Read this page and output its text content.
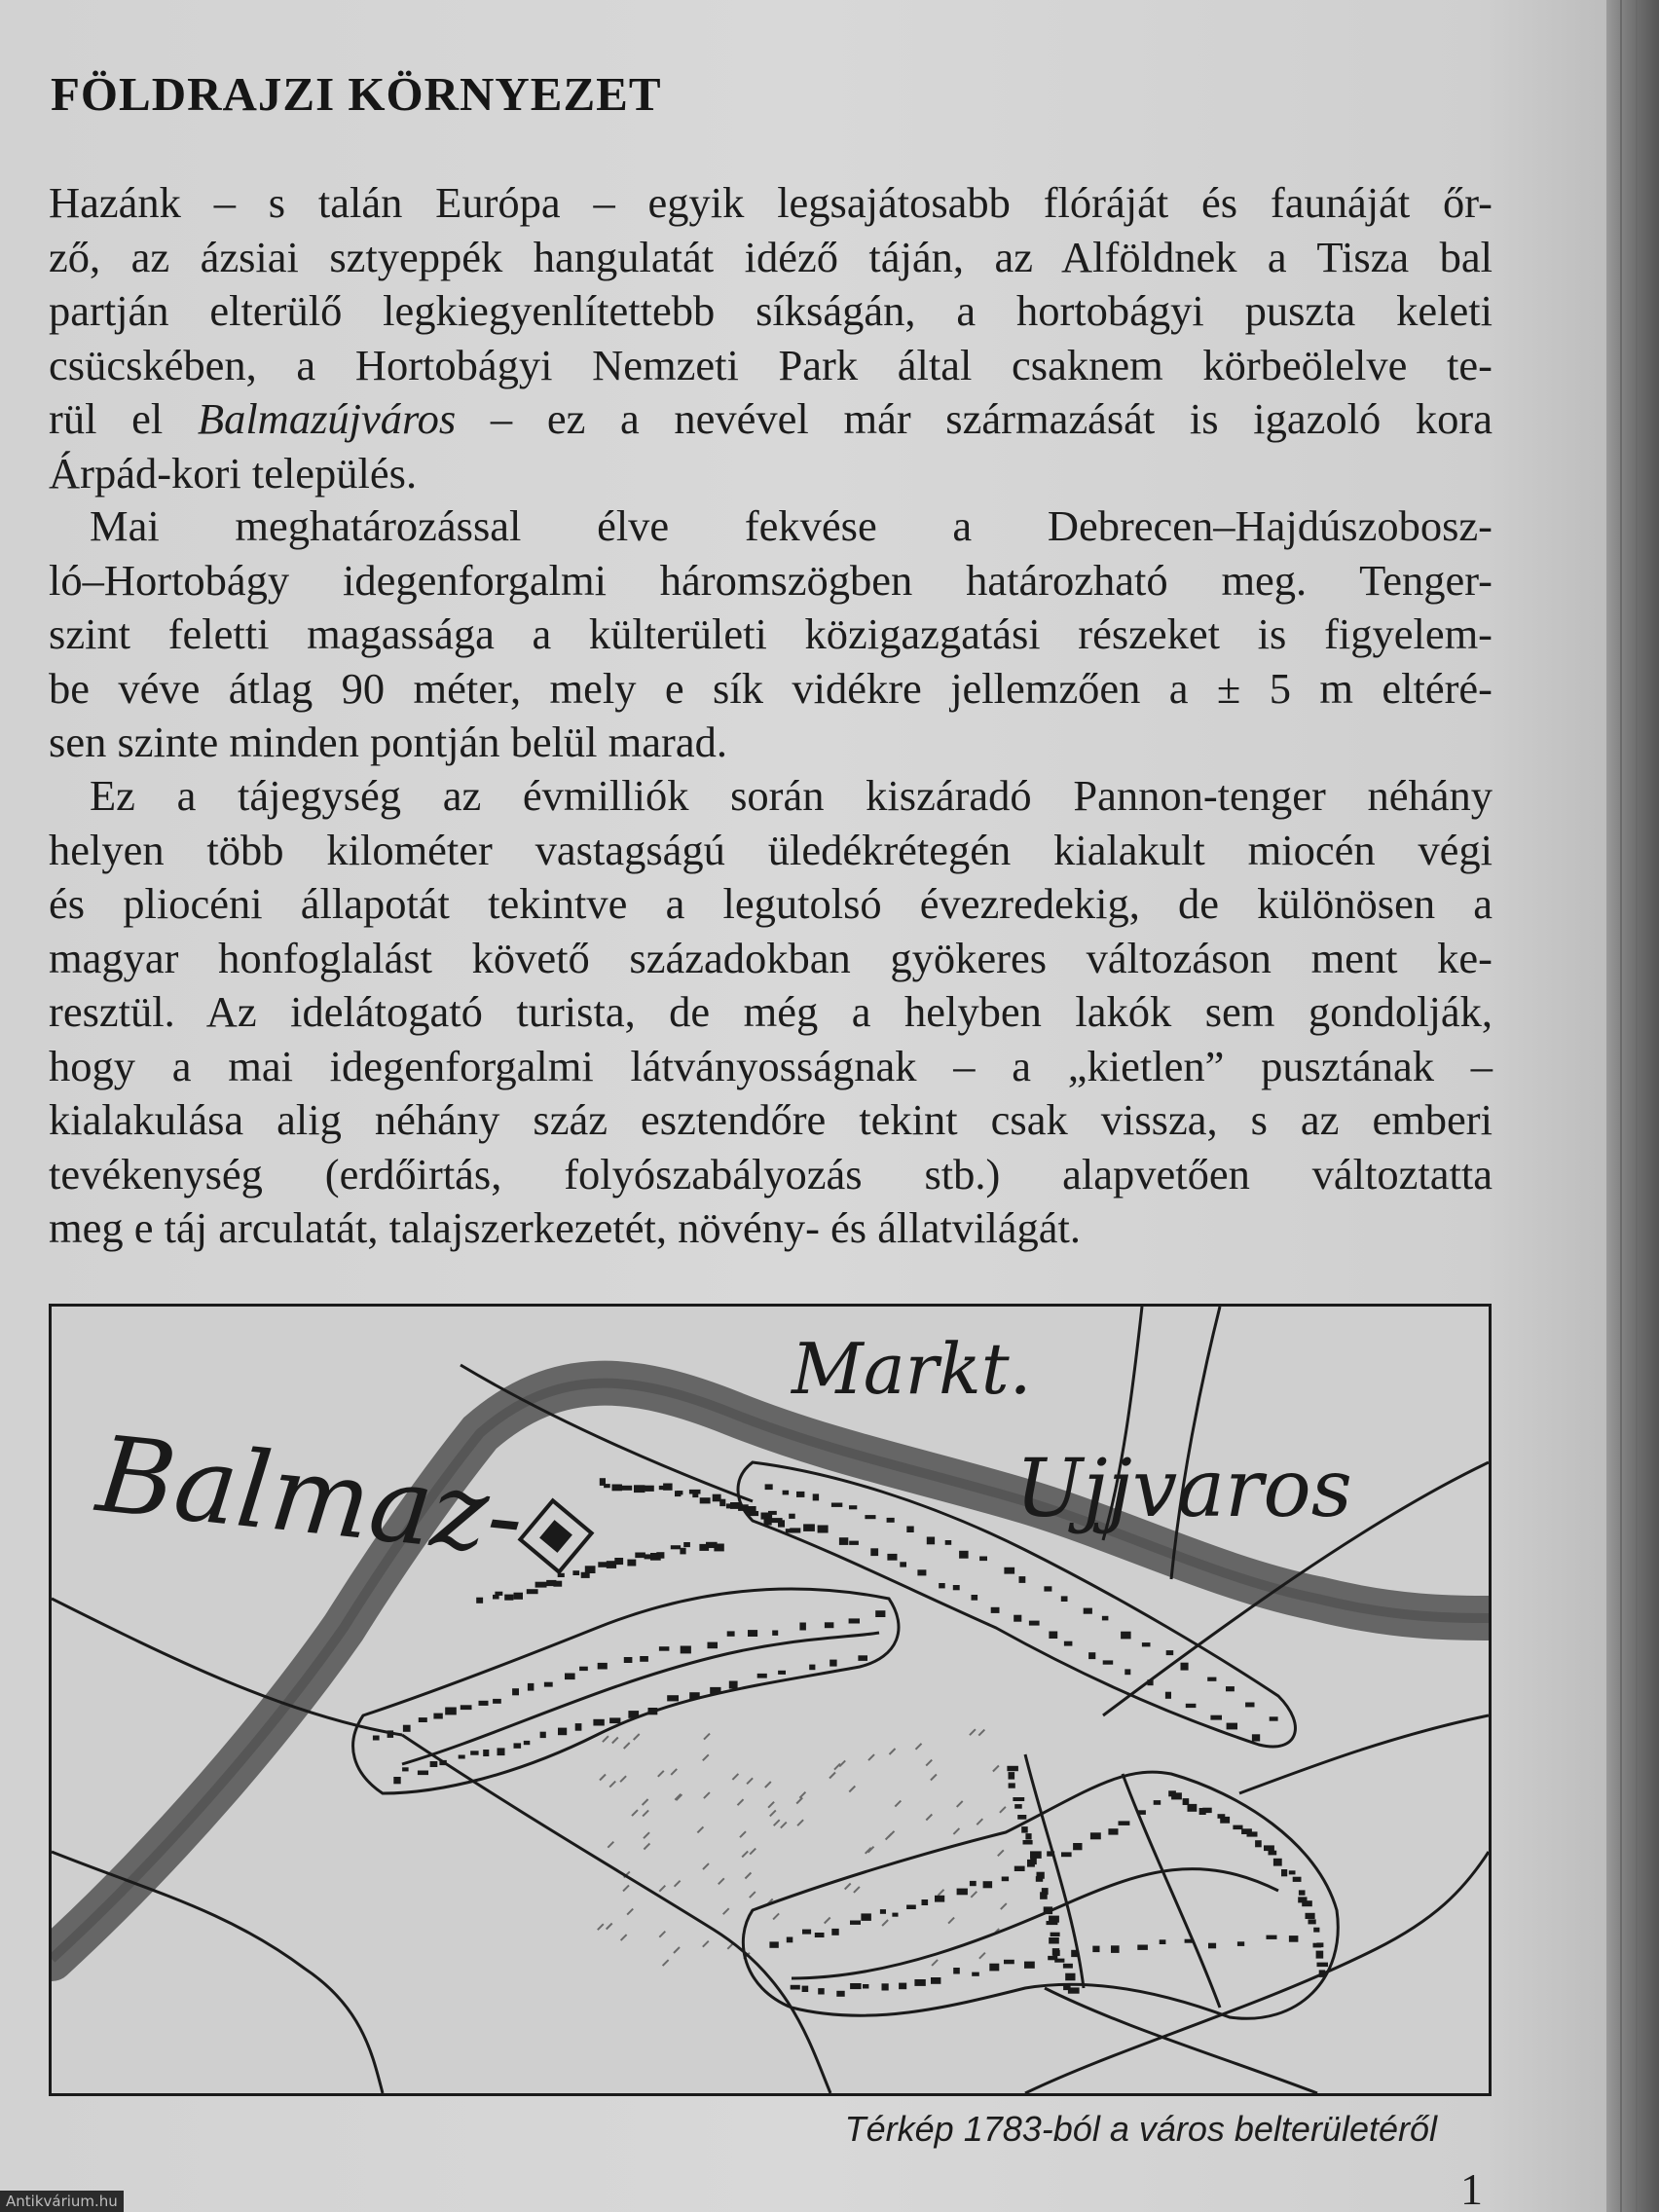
FÖLDRAJZI KÖRNYEZET
Hazánk – s talán Európa – egyik legsajátosabb flóráját és faunáját őr-
ző, az ázsiai sztyeppék hangulatát idéző táján, az Alföldnek a Tisza bal
partján elterülő legkiegyenlítettebb síkságán, a hortobágyi puszta keleti
csücskében, a Hortobágyi Nemzeti Park által csaknem körbeölelve te-
rül el Balmazújváros – ez a nevével már származását is igazoló kora
Árpád-kori település.
Mai meghatározással élve fekvése a Debrecen–Hajdúszobosz-
ló–Hortobágy idegenforgalmi háromszögben határozható meg. Tenger-
szint feletti magassága a külterületi közigazgatási részeket is figyelem-
be véve átlag 90 méter, mely e sík vidékre jellemzően a ± 5 m eltéré-
sen szinte minden pontján belül marad.
Ez a tájegység az évmilliók során kiszáradó Pannon-tenger néhány
helyen több kilométer vastagságú üledékrétegén kialakult miocén végi
és pliocéni állapotát tekintve a legutolsó évezredekig, de különösen a
magyar honfoglalást követő századokban gyökeres változáson ment ke-
resztül. Az idelátogató turista, de még a helyben lakók sem gondolják,
hogy a mai idegenforgalmi látványosságnak – a „kietlen” pusztának –
kialakulása alig néhány száz esztendőre tekint csak vissza, s az emberi
tevékenység (erdőirtás, folyószabályozás stb.) alapvetően változtatta
meg e táj arculatát, talajszerkezetét, növény- és állatvilágát.
Balmaz-
Markt.
Ujjvaros
Térkép 1783-ból a város belterületéről
1
Antikvárium.hu
